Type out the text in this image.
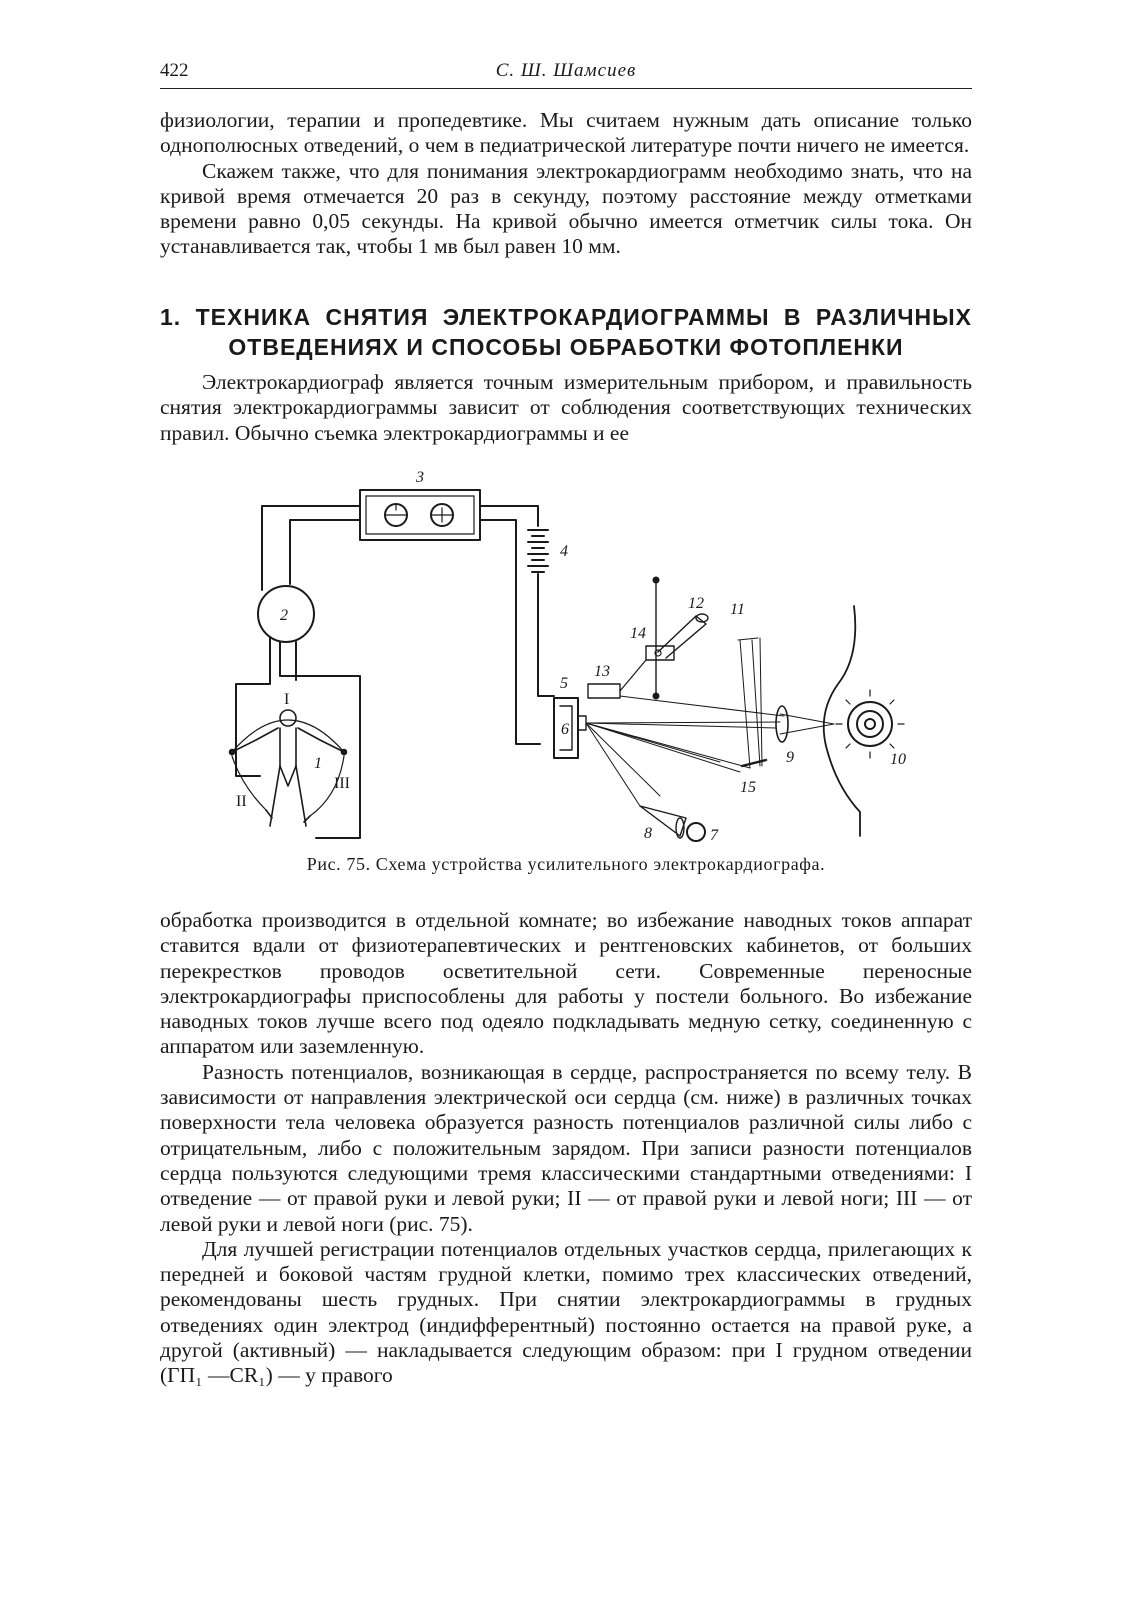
422	С. Ш. Шамсиев

физиологии, терапии и пропедевтике. Мы считаем нужным дать описание только однополюсных отведений, о чем в педиатрической литературе почти ничего не имеется.

Скажем также, что для понимания электрокардиограмм необходимо знать, что на кривой время отмечается 20 раз в секунду, поэтому расстояние между отметками времени равно 0,05 секунды. На кривой обычно имеется отметчик силы тока. Он устанавливается так, чтобы 1 мв был равен 10 мм.

1. ТЕХНИКА СНЯТИЯ ЭЛЕКТРОКАРДИОГРАММЫ В РАЗЛИЧНЫХ
ОТВЕДЕНИЯХ И СПОСОБЫ ОБРАБОТКИ ФОТОПЛЕНКИ

Электрокардиограф является точным измерительным прибором, и правильность снятия электрокардиограммы зависит от соблюдения соответствующих технических правил. Обычно съемка электрокардиограммы и ее

3
4
2
5
6
12
14
13
11
9
15
8	7
10
1
I
II
III
Рис. 75. Схема устройства усилительного электрокардиографа.

обработка производится в отдельной комнате; во избежание наводных токов аппарат ставится вдали от физиотерапевтических и рентгеновских кабинетов, от больших перекрестков проводов осветительной сети. Современные переносные электрокардиографы приспособлены для работы у постели больного. Во избежание наводных токов лучше всего под одеяло подкладывать медную сетку, соединенную с аппаратом или заземленную.

Разность потенциалов, возникающая в сердце, распространяется по всему телу. В зависимости от направления электрической оси сердца (см. ниже) в различных точках поверхности тела человека образуется разность потенциалов различной силы либо с отрицательным, либо с положительным зарядом. При записи разности потенциалов сердца пользуются следующими тремя классическими стандартными отведениями: I отведение — от правой руки и левой руки; II — от правой руки и левой ноги; III — от левой руки и левой ноги (рис. 75).

Для лучшей регистрации потенциалов отдельных участков сердца, прилегающих к передней и боковой частям грудной клетки, помимо трех классических отведений, рекомендованы шесть грудных. При снятии электрокардиограммы в грудных отведениях один электрод (индифферентный) постоянно остается на правой руке, а другой (активный) — накладывается следующим образом: при I грудном отведении (ГП₁ —CR₁) — у правого
